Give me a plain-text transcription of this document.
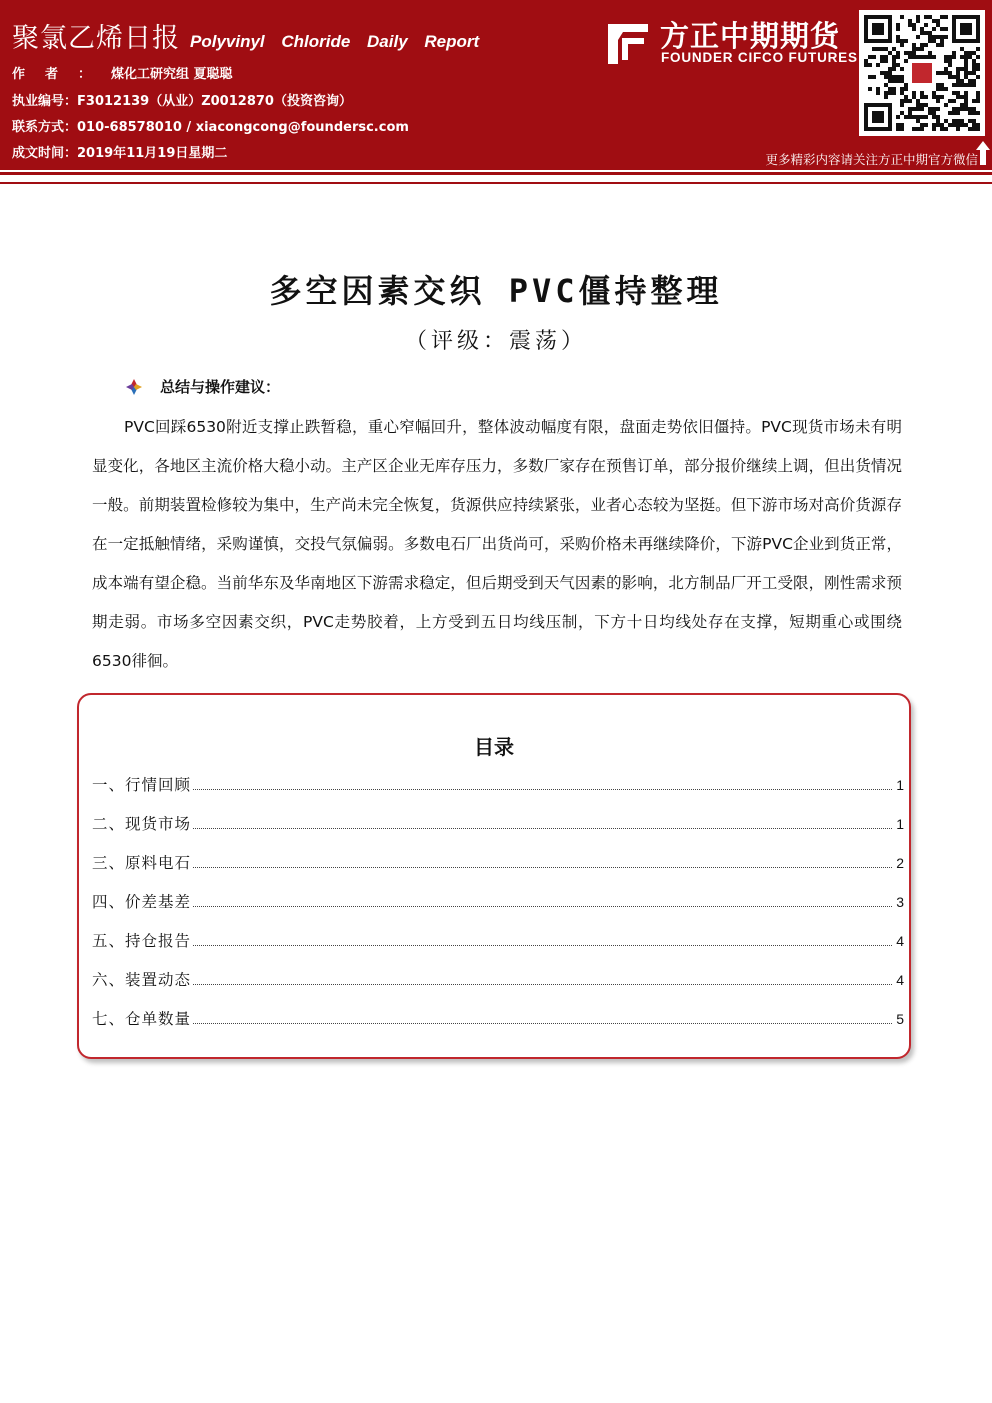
聚氯乙烯日报 Polyvinyl Chloride Daily Report
作者：煤化工研究组 夏聪聪
执业编号：F3012139（从业）Z0012870（投资咨询）
联系方式：010-68578010 / xiacongcong@foundersc.com
成文时间：2019年11月19日星期二
方正中期期货
FOUNDER CIFCO FUTURES
更多精彩内容请关注方正中期官方微信
多空因素交织 PVC僵持整理
（评级：震荡）
总结与操作建议：

PVC回踩6530附近支撑止跌暂稳，重心窄幅回升，整体波动幅度有限，盘面走势依旧僵持。PVC现货市场未有明显变化，各地区主流价格大稳小动。主产区企业无库存压力，多数厂家存在预售订单，部分报价继续上调，但出货情况一般。前期装置检修较为集中，生产尚未完全恢复，货源供应持续紧张，业者心态较为坚挺。但下游市场对高价货源存在一定抵触情绪，采购谨慎，交投气氛偏弱。多数电石厂出货尚可，采购价格未再继续降价，下游PVC企业到货正常，成本端有望企稳。当前华东及华南地区下游需求稳定，但后期受到天气因素的影响，北方制品厂开工受限，刚性需求预期走弱。市场多空因素交织，PVC走势胶着，上方受到五日均线压制，下方十日均线处存在支撑，短期重心或围绕6530徘徊。

目录
一、行情回顾	1
二、现货市场	1
三、原料电石	2
四、价差基差	3
五、持仓报告	4
六、装置动态	4
七、仓单数量	5
